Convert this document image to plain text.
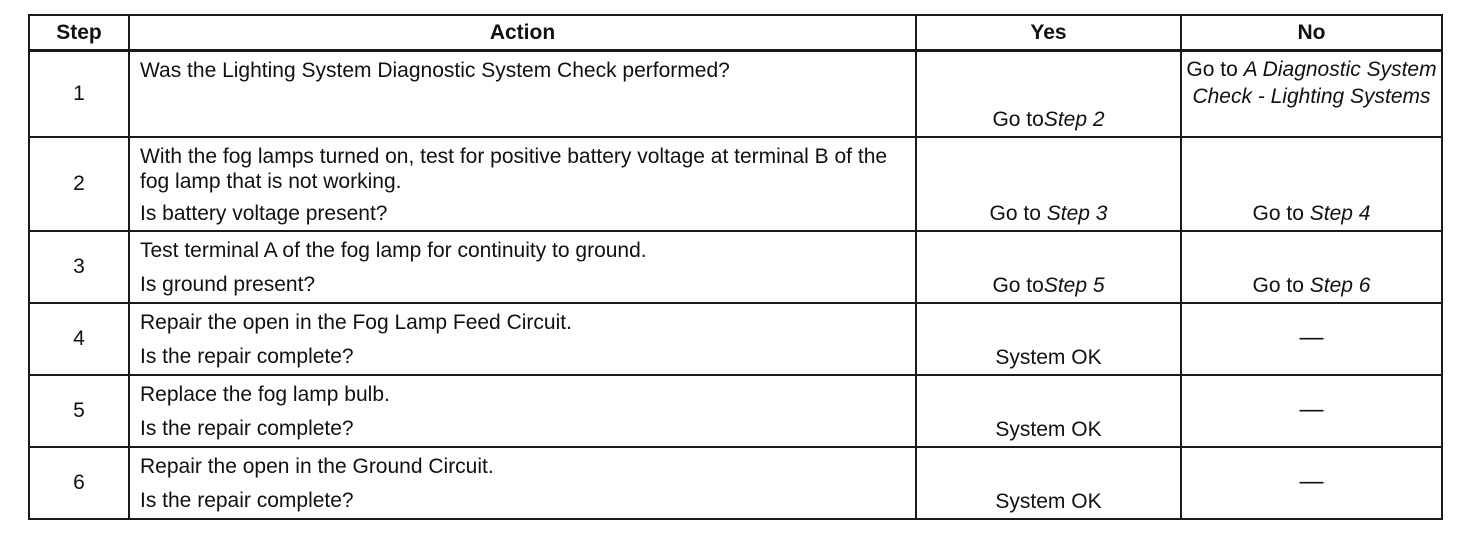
Step	Action	Yes	No
1	Was the Lighting System Diagnostic System Check performed?	Go toStep 2	Go to A Diagnostic System Check - Lighting Systems
2	With the fog lamps turned on, test for positive battery voltage at terminal B of the fog lamp that is not working.

Is battery voltage present?	Go to Step 3	Go to Step 4
3	Test terminal A of the fog lamp for continuity to ground.

Is ground present?	Go toStep 5	Go to Step 6
4	Repair the open in the Fog Lamp Feed Circuit.

Is the repair complete?	System OK	—
5	Replace the fog lamp bulb.

Is the repair complete?	System OK	—
6	Repair the open in the Ground Circuit.

Is the repair complete?	System OK	—
